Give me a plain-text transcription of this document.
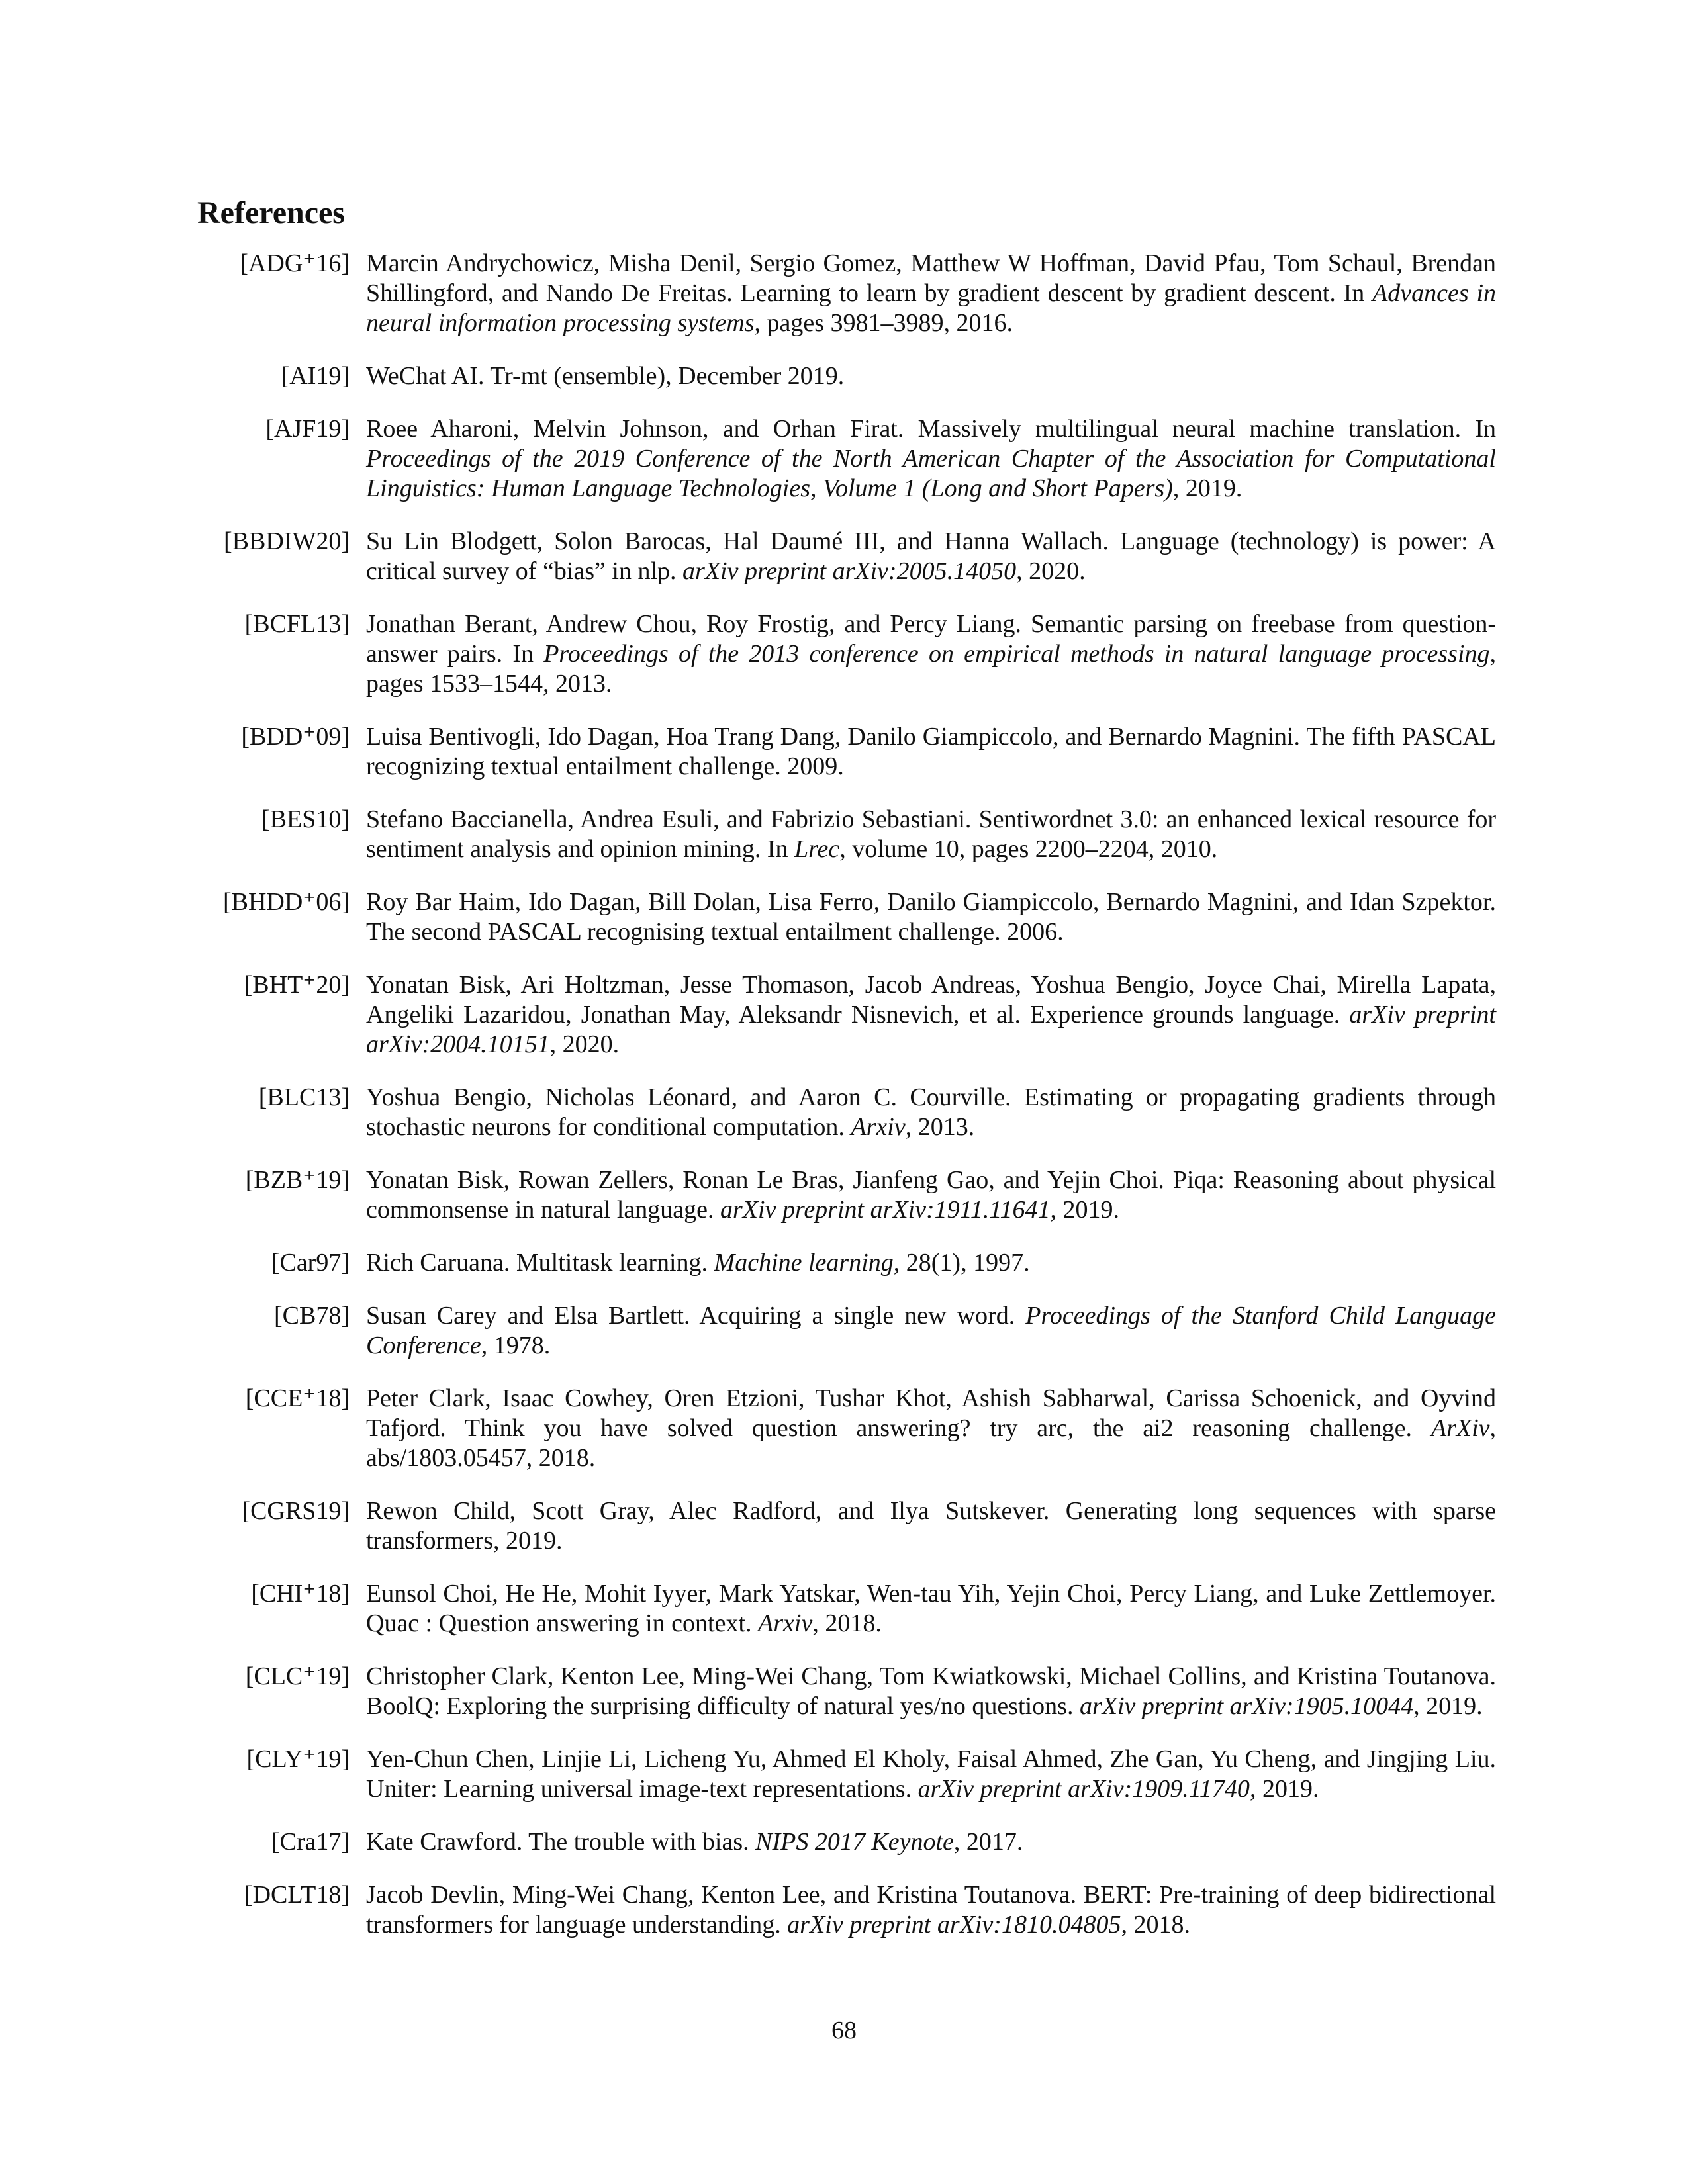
References
[ADG⁺16] Marcin Andrychowicz, Misha Denil, Sergio Gomez, Matthew W Hoffman, David Pfau, Tom Schaul, Brendan Shillingford, and Nando De Freitas. Learning to learn by gradient descent by gradient descent. In Advances in neural information processing systems, pages 3981–3989, 2016.
[AI19] WeChat AI. Tr-mt (ensemble), December 2019.
[AJF19] Roee Aharoni, Melvin Johnson, and Orhan Firat. Massively multilingual neural machine translation. In Proceedings of the 2019 Conference of the North American Chapter of the Association for Computational Linguistics: Human Language Technologies, Volume 1 (Long and Short Papers), 2019.
[BBDIW20] Su Lin Blodgett, Solon Barocas, Hal Daumé III, and Hanna Wallach. Language (technology) is power: A critical survey of “bias” in nlp. arXiv preprint arXiv:2005.14050, 2020.
[BCFL13] Jonathan Berant, Andrew Chou, Roy Frostig, and Percy Liang. Semantic parsing on freebase from question-answer pairs. In Proceedings of the 2013 conference on empirical methods in natural language processing, pages 1533–1544, 2013.
[BDD⁺09] Luisa Bentivogli, Ido Dagan, Hoa Trang Dang, Danilo Giampiccolo, and Bernardo Magnini. The fifth PASCAL recognizing textual entailment challenge. 2009.
[BES10] Stefano Baccianella, Andrea Esuli, and Fabrizio Sebastiani. Sentiwordnet 3.0: an enhanced lexical resource for sentiment analysis and opinion mining. In Lrec, volume 10, pages 2200–2204, 2010.
[BHDD⁺06] Roy Bar Haim, Ido Dagan, Bill Dolan, Lisa Ferro, Danilo Giampiccolo, Bernardo Magnini, and Idan Szpektor. The second PASCAL recognising textual entailment challenge. 2006.
[BHT⁺20] Yonatan Bisk, Ari Holtzman, Jesse Thomason, Jacob Andreas, Yoshua Bengio, Joyce Chai, Mirella Lapata, Angeliki Lazaridou, Jonathan May, Aleksandr Nisnevich, et al. Experience grounds language. arXiv preprint arXiv:2004.10151, 2020.
[BLC13] Yoshua Bengio, Nicholas Léonard, and Aaron C. Courville. Estimating or propagating gradients through stochastic neurons for conditional computation. Arxiv, 2013.
[BZB⁺19] Yonatan Bisk, Rowan Zellers, Ronan Le Bras, Jianfeng Gao, and Yejin Choi. Piqa: Reasoning about physical commonsense in natural language. arXiv preprint arXiv:1911.11641, 2019.
[Car97] Rich Caruana. Multitask learning. Machine learning, 28(1), 1997.
[CB78] Susan Carey and Elsa Bartlett. Acquiring a single new word. Proceedings of the Stanford Child Language Conference, 1978.
[CCE⁺18] Peter Clark, Isaac Cowhey, Oren Etzioni, Tushar Khot, Ashish Sabharwal, Carissa Schoenick, and Oyvind Tafjord. Think you have solved question answering? try arc, the ai2 reasoning challenge. ArXiv, abs/1803.05457, 2018.
[CGRS19] Rewon Child, Scott Gray, Alec Radford, and Ilya Sutskever. Generating long sequences with sparse transformers, 2019.
[CHI⁺18] Eunsol Choi, He He, Mohit Iyyer, Mark Yatskar, Wen-tau Yih, Yejin Choi, Percy Liang, and Luke Zettlemoyer. Quac : Question answering in context. Arxiv, 2018.
[CLC⁺19] Christopher Clark, Kenton Lee, Ming-Wei Chang, Tom Kwiatkowski, Michael Collins, and Kristina Toutanova. BoolQ: Exploring the surprising difficulty of natural yes/no questions. arXiv preprint arXiv:1905.10044, 2019.
[CLY⁺19] Yen-Chun Chen, Linjie Li, Licheng Yu, Ahmed El Kholy, Faisal Ahmed, Zhe Gan, Yu Cheng, and Jingjing Liu. Uniter: Learning universal image-text representations. arXiv preprint arXiv:1909.11740, 2019.
[Cra17] Kate Crawford. The trouble with bias. NIPS 2017 Keynote, 2017.
[DCLT18] Jacob Devlin, Ming-Wei Chang, Kenton Lee, and Kristina Toutanova. BERT: Pre-training of deep bidirectional transformers for language understanding. arXiv preprint arXiv:1810.04805, 2018.
68
